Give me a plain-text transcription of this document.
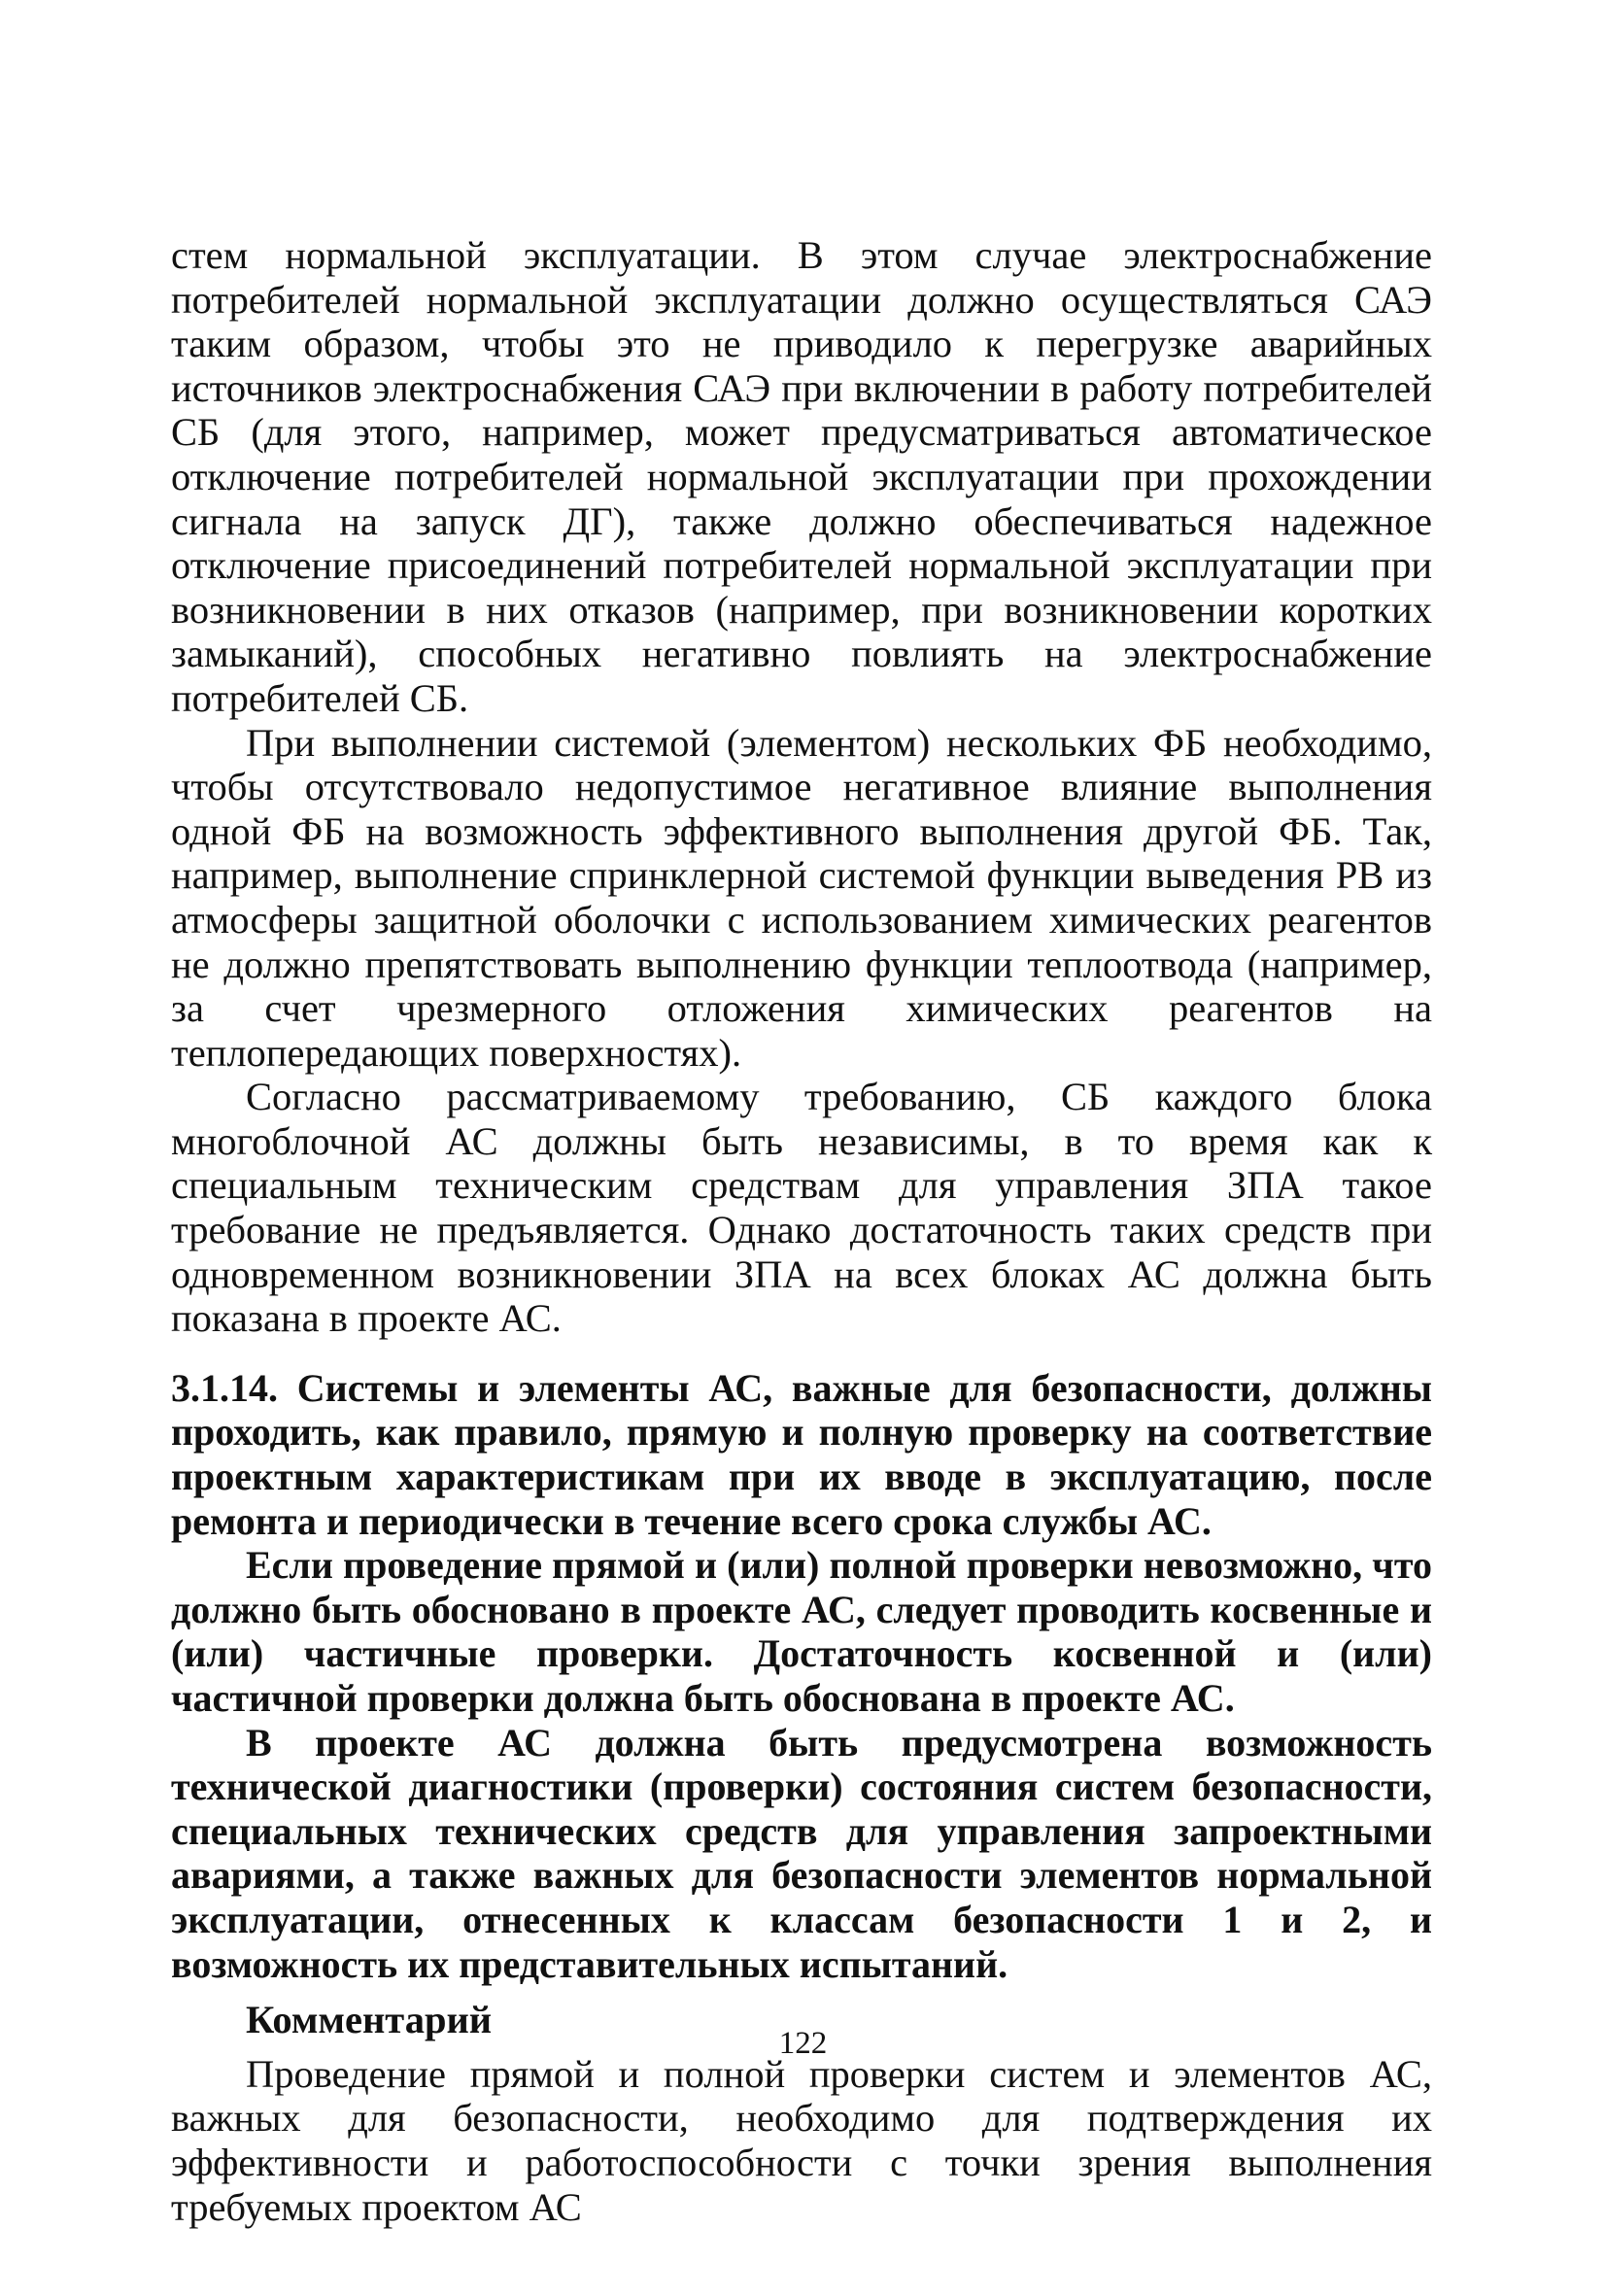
стем нормальной эксплуатации. В этом случае электроснабжение потребителей нормальной эксплуатации должно осуществляться САЭ таким образом, чтобы это не приводило к перегрузке аварийных источников электроснабжения САЭ при включении в работу потребителей СБ (для этого, например, может предусматриваться автоматическое отключение потребителей нормальной эксплуатации при прохождении сигнала на запуск ДГ), также должно обеспечиваться надежное отключение присоединений потребителей нормальной эксплуатации при возникновении в них отказов (например, при возникновении коротких замыканий), способных негативно повлиять на электроснабжение потребителей СБ.

При выполнении системой (элементом) нескольких ФБ необходимо, чтобы отсутствовало недопустимое негативное влияние выполнения одной ФБ на возможность эффективного выполнения другой ФБ. Так, например, выполнение спринклерной системой функции выведения РВ из атмосферы защитной оболочки с использованием химических реагентов не должно препятствовать выполнению функции теплоотвода (например, за счет чрезмерного отложения химических реагентов на теплопередающих поверхностях).

Согласно рассматриваемому требованию, СБ каждого блока многоблочной АС должны быть независимы, в то время как к специальным техническим средствам для управления ЗПА такое требование не предъявляется. Однако достаточность таких средств при одновременном возникновении ЗПА на всех блоках АС должна быть показана в проекте АС.

3.1.14. Системы и элементы АС, важные для безопасности, должны проходить, как правило, прямую и полную проверку на соответствие проектным характеристикам при их вводе в эксплуатацию, после ремонта и периодически в течение всего срока службы АС.

Если проведение прямой и (или) полной проверки невозможно, что должно быть обосновано в проекте АС, следует проводить косвенные и (или) частичные проверки. Достаточность косвенной и (или) частичной проверки должна быть обоснована в проекте АС.

В проекте АС должна быть предусмотрена возможность технической диагностики (проверки) состояния систем безопасности, специальных технических средств для управления запроектными авариями, а также важных для безопасности элементов нормальной эксплуатации, отнесенных к классам безопасности 1 и 2, и возможность их представительных испытаний.

Комментарий

Проведение прямой и полной проверки систем и элементов АС, важных для безопасности, необходимо для подтверждения их эффективности и работоспособности с точки зрения выполнения требуемых проектом АС

122
